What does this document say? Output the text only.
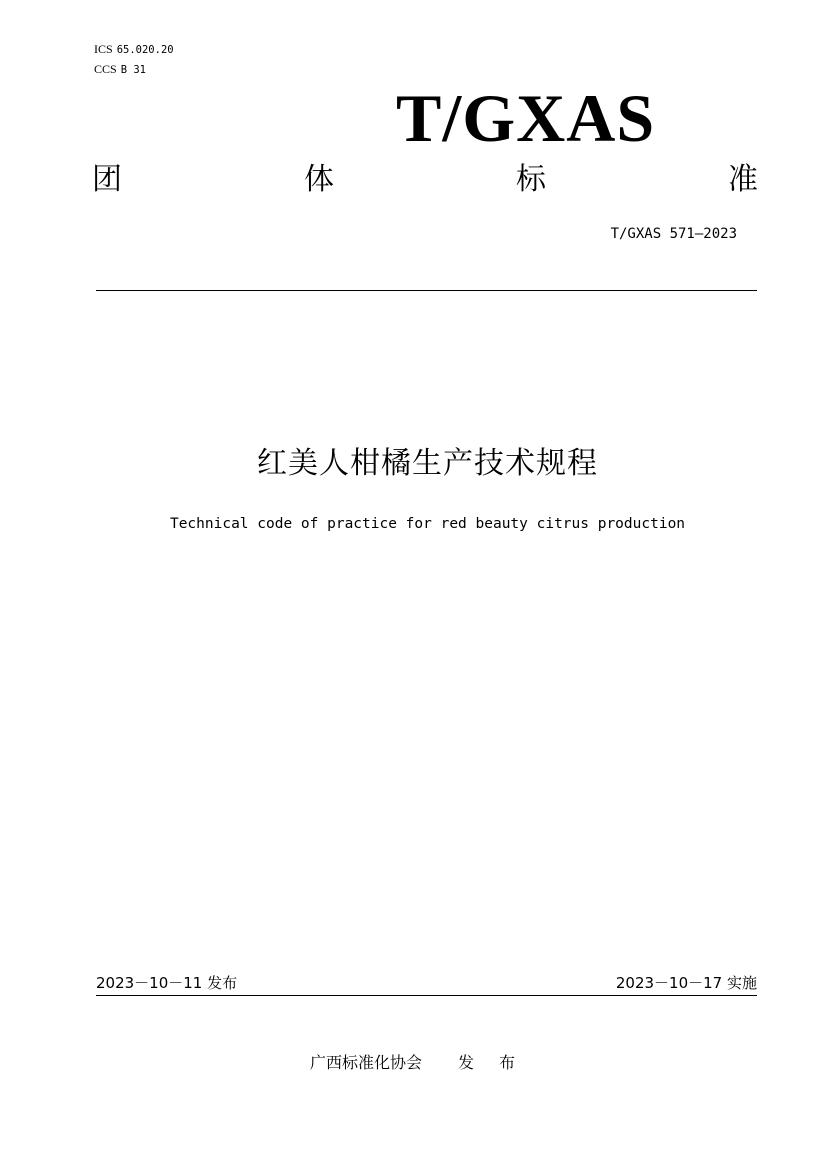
ICS 65.020.20
CCS B 31
T/GXAS
团	体	标	准
T/GXAS 571—2023
红美人柑橘生产技术规程
Technical code of practice for red beauty citrus production
2023－10－11 发布	2023－10－17 实施
广西标准化协会 发 布
